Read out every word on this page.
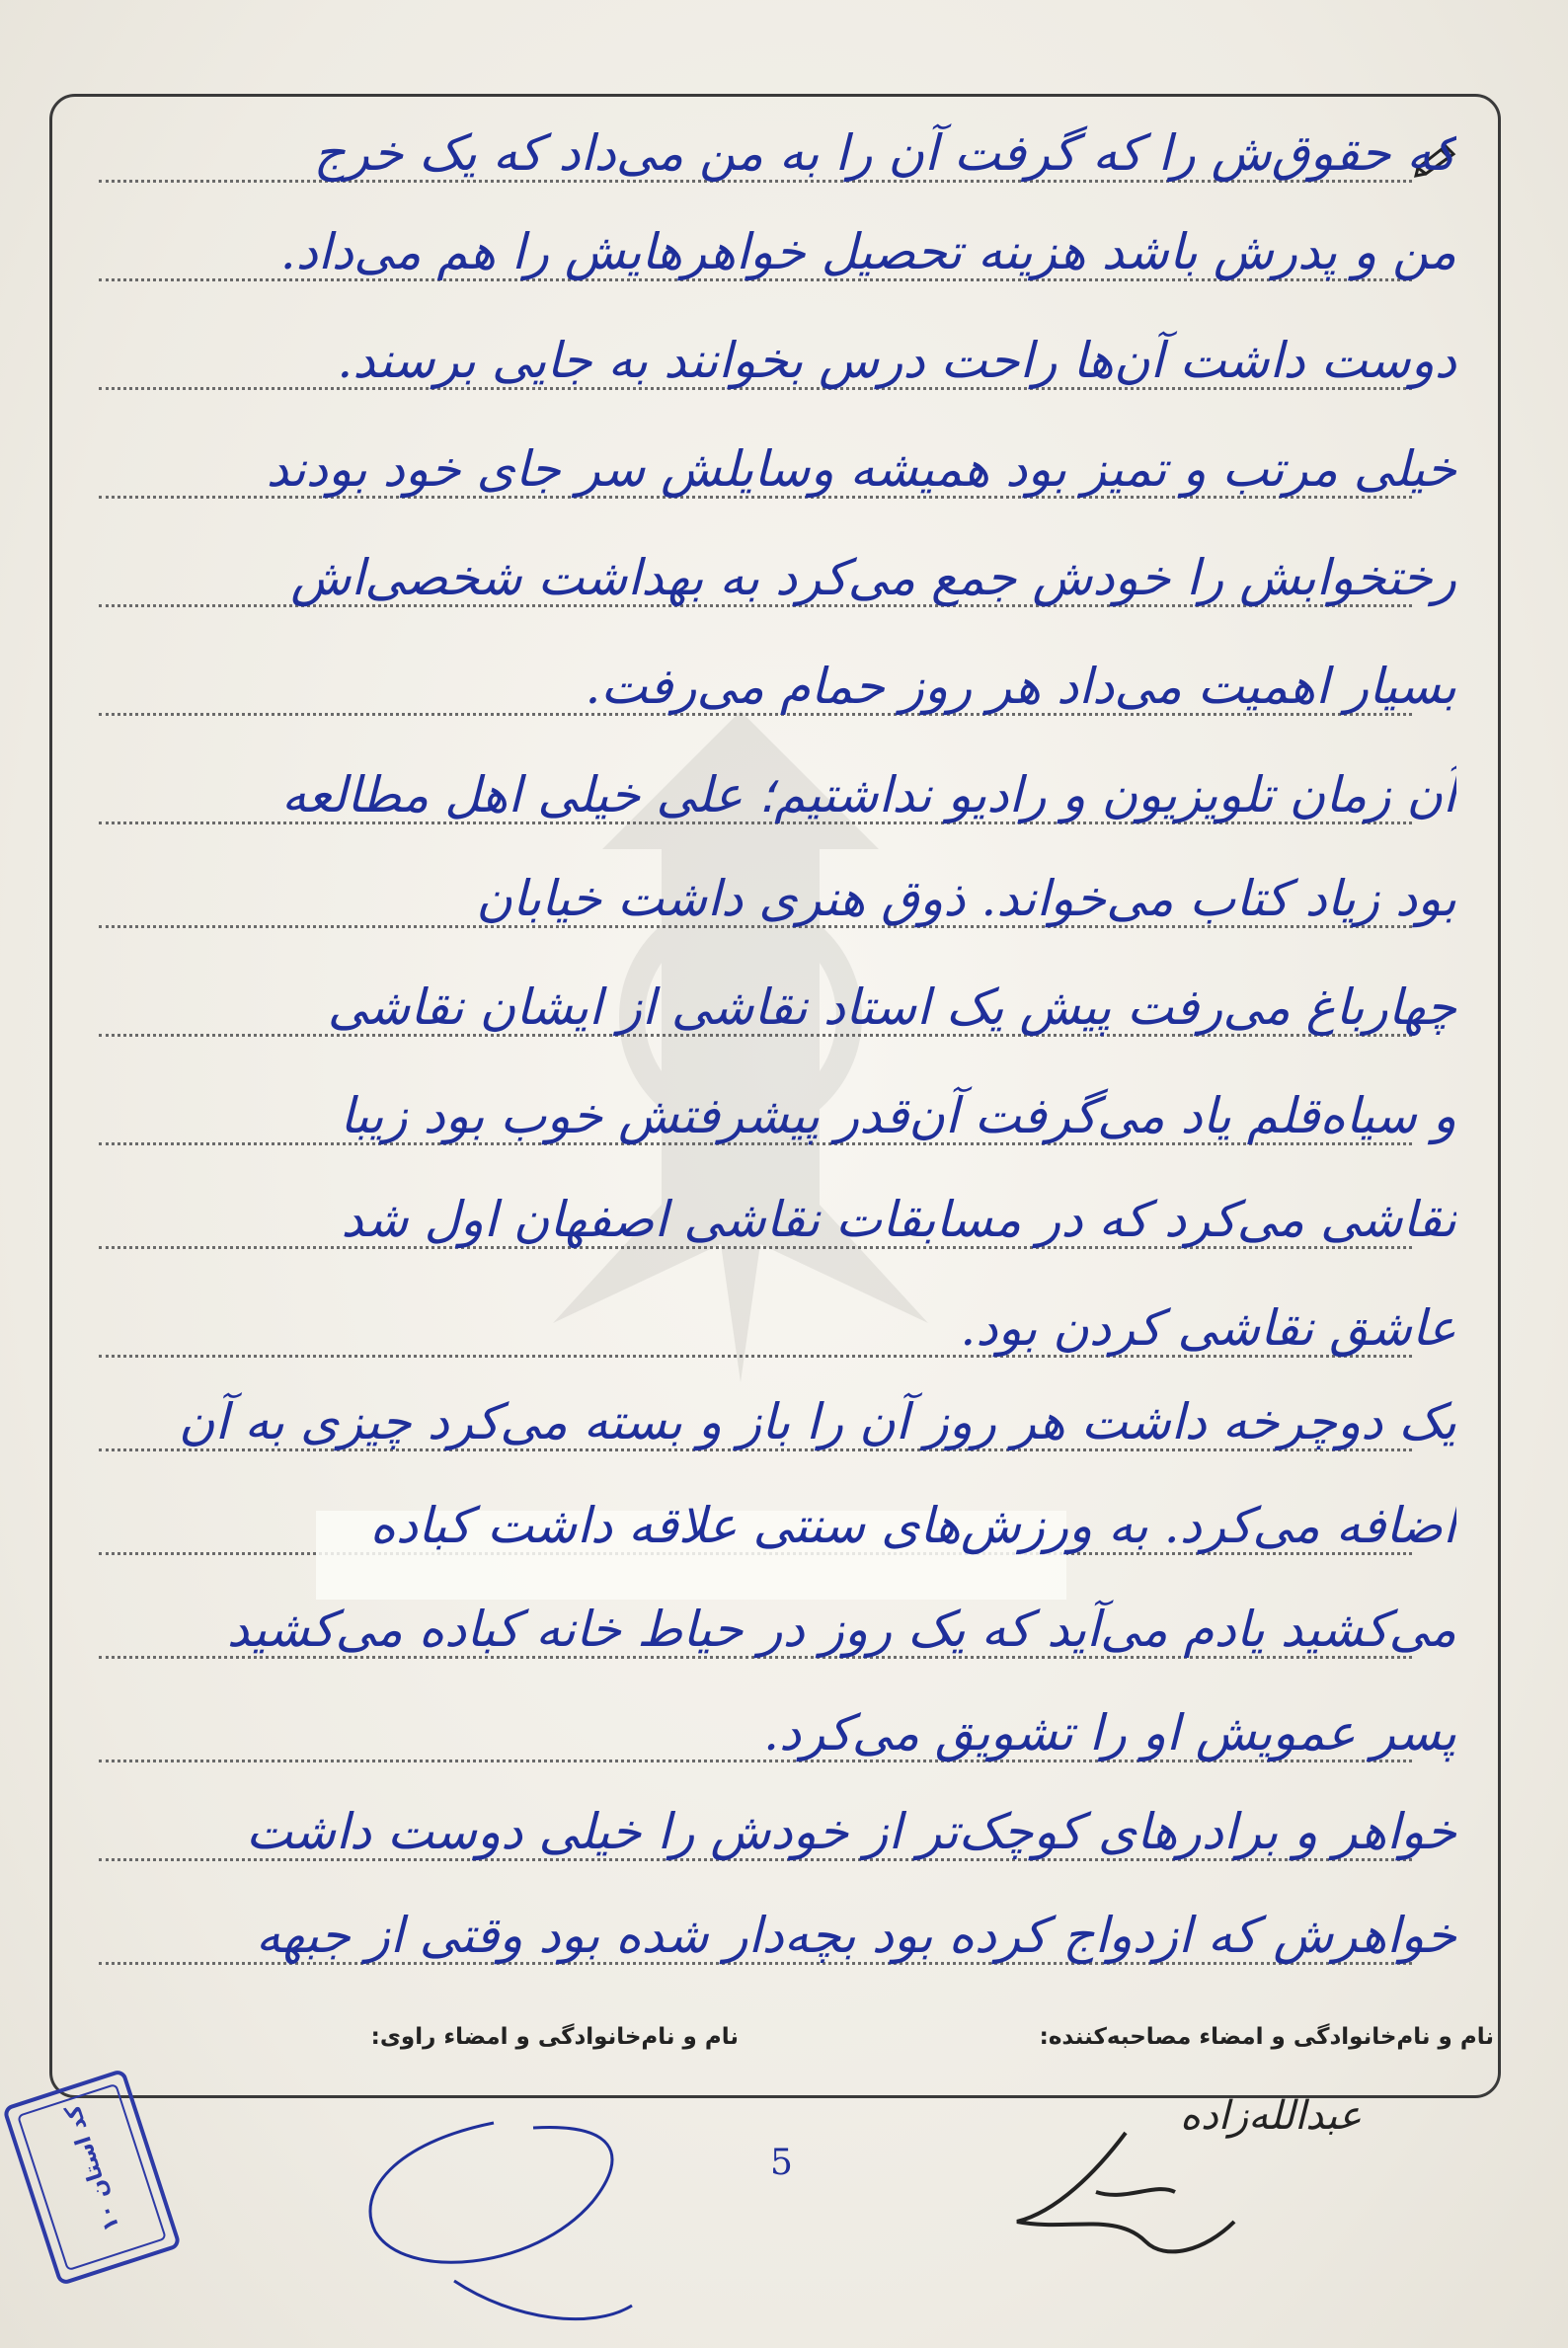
که حقوق‌ش را که گرفت آن را به من می‌داد که یک خرج
من و پدرش باشد هزینه تحصیل خواهرهایش را هم می‌داد.
دوست داشت آن‌ها راحت درس بخوانند به جایی برسند.
خیلی مرتب و تمیز بود همیشه وسایلش سر جای خود بودند
رختخوابش را خودش جمع می‌کرد به بهداشت شخصی‌اش
بسیار اهمیت می‌داد هر روز حمام می‌رفت.
آن زمان تلویزیون و رادیو نداشتیم؛ علی خیلی اهل مطالعه
بود زیاد کتاب می‌خواند. ذوق هنری داشت خیابان
چهارباغ می‌رفت پیش یک استاد نقاشی از ایشان نقاشی
و سیاه‌قلم یاد می‌گرفت آن‌قدر پیشرفتش خوب بود زیبا
نقاشی می‌کرد که در مسابقات نقاشی اصفهان اول شد
عاشق نقاشی کردن بود.
یک دوچرخه داشت هر روز آن را باز و بسته می‌کرد چیزی به آن
اضافه می‌کرد. به ورزش‌های سنتی علاقه داشت کباده
می‌کشید یادم می‌آید که یک روز در حیاط خانه کباده می‌کشید
پسر عمویش او را تشویق می‌کرد.
خواهر و برادرهای کوچک‌تر از خودش را خیلی دوست داشت
خواهرش که ازدواج کرده بود بچه‌دار شده بود وقتی از جبهه
نام و نام‌خانوادگی و امضاء مصاحبه‌کننده:
نام و نام‌خانوادگی و امضاء راوی:
کد استان ۱۰	5
عبدالله‌زاده
